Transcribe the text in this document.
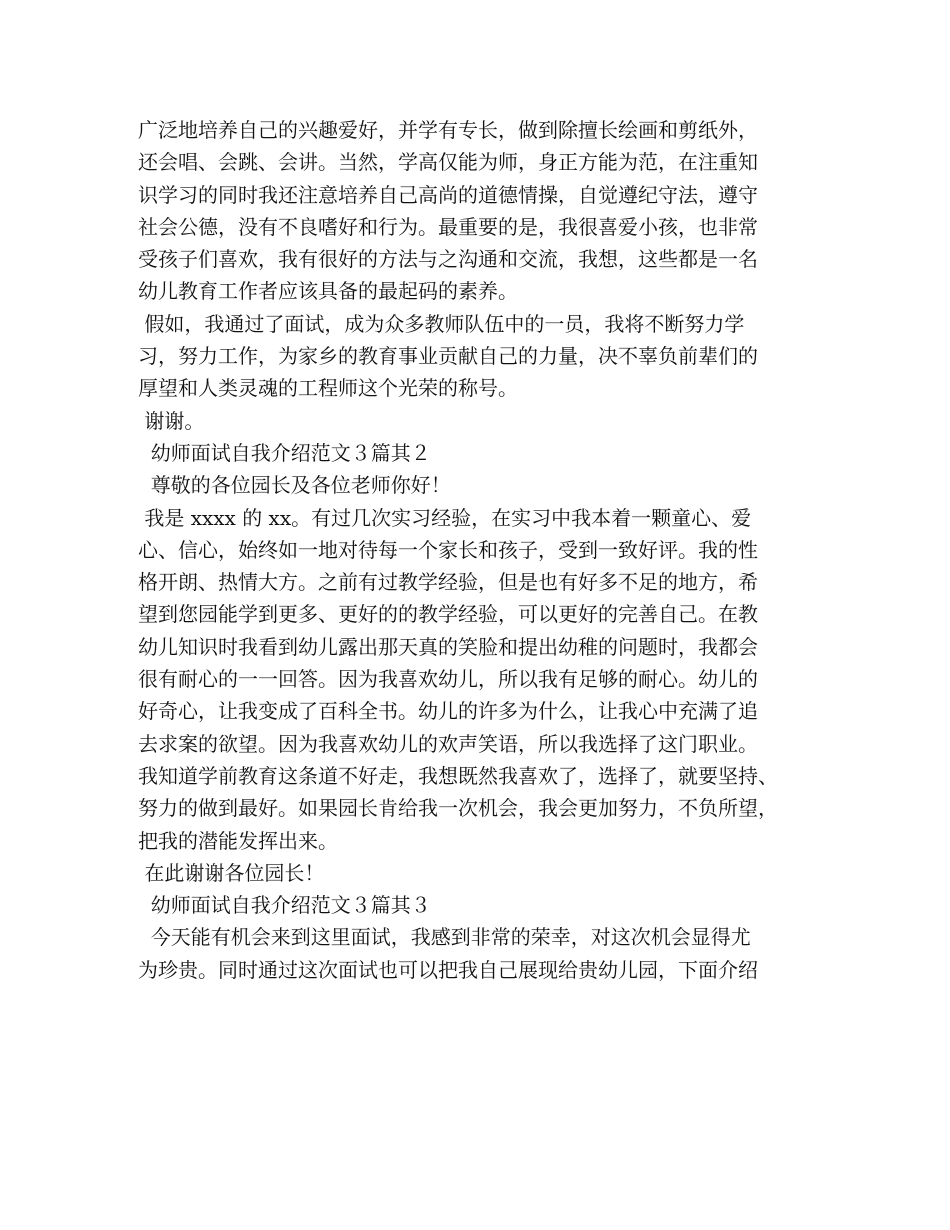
广泛地培养自己的兴趣爱好，并学有专长，做到除擅长绘画和剪纸外，
还会唱、会跳、会讲。当然，学高仅能为师，身正方能为范，在注重知
识学习的同时我还注意培养自己高尚的道德情操，自觉遵纪守法，遵守
社会公德，没有不良嗜好和行为。最重要的是，我很喜爱小孩，也非常
受孩子们喜欢，我有很好的方法与之沟通和交流，我想，这些都是一名
幼儿教育工作者应该具备的最起码的素养。
假如，我通过了面试，成为众多教师队伍中的一员，我将不断努力学
习，努力工作，为家乡的教育事业贡献自己的力量，决不辜负前辈们的
厚望和人类灵魂的工程师这个光荣的称号。
谢谢。
幼师面试自我介绍范文３篇其２
尊敬的各位园长及各位老师你好！
我是 xxxx 的 xx。有过几次实习经验，在实习中我本着一颗童心、爱
心、信心，始终如一地对待每一个家长和孩子，受到一致好评。我的性
格开朗、热情大方。之前有过教学经验，但是也有好多不足的地方，希
望到您园能学到更多、更好的的教学经验，可以更好的完善自己。在教
幼儿知识时我看到幼儿露出那天真的笑脸和提出幼稚的问题时，我都会
很有耐心的一一回答。因为我喜欢幼儿，所以我有足够的耐心。幼儿的
好奇心，让我变成了百科全书。幼儿的许多为什么，让我心中充满了追
去求案的欲望。因为我喜欢幼儿的欢声笑语，所以我选择了这门职业。
我知道学前教育这条道不好走，我想既然我喜欢了，选择了，就要坚持、
努力的做到最好。如果园长肯给我一次机会，我会更加努力，不负所望，
把我的潜能发挥出来。
在此谢谢各位园长！
幼师面试自我介绍范文３篇其３
今天能有机会来到这里面试，我感到非常的荣幸，对这次机会显得尤
为珍贵。同时通过这次面试也可以把我自己展现给贵幼儿园，下面介绍
